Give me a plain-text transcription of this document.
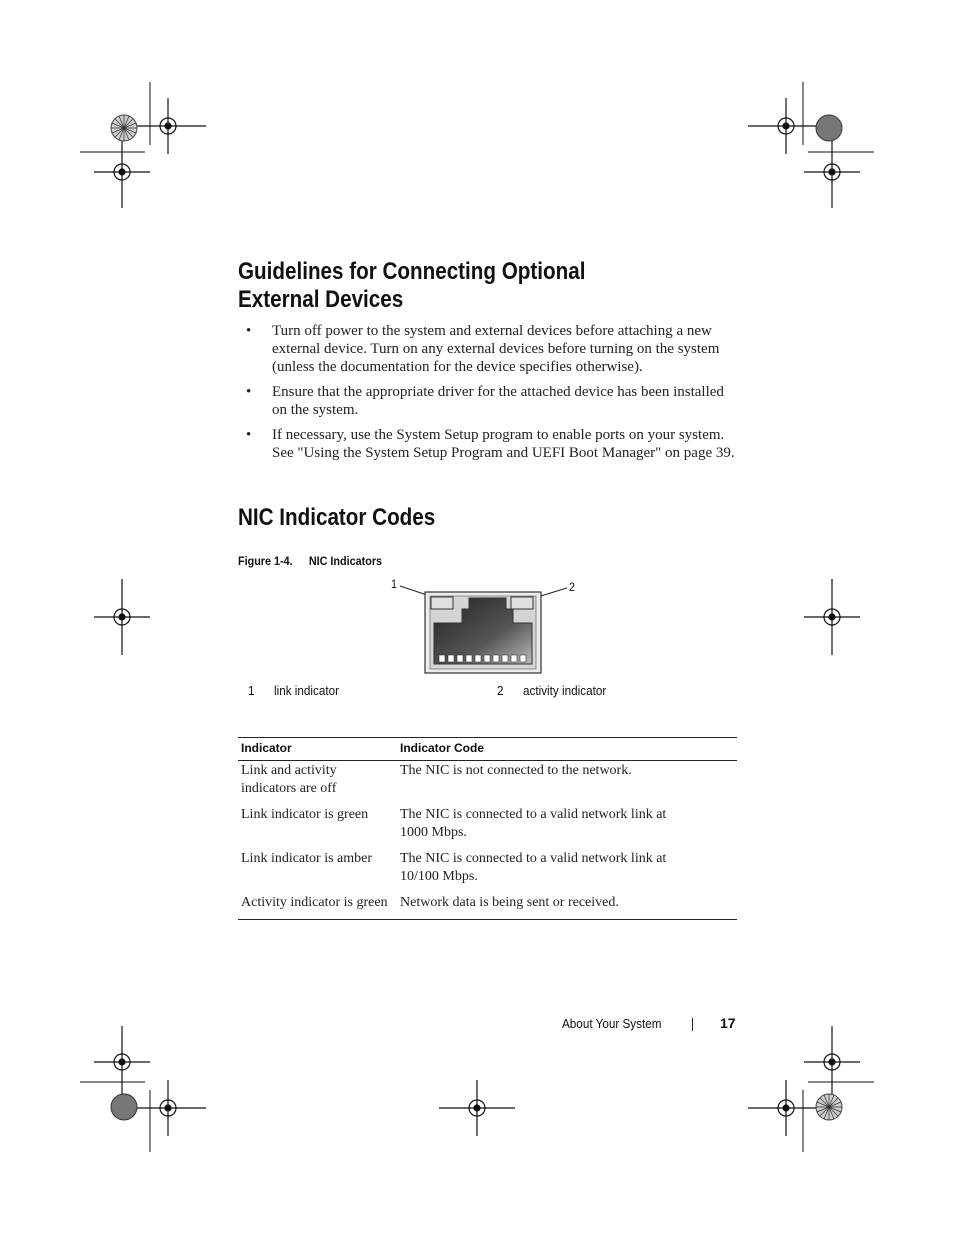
Guidelines for Connecting Optional
External Devices
• Turn off power to the system and external devices before attaching a new external device. Turn on any external devices before turning on the system (unless the documentation for the device specifies otherwise).
• Ensure that the appropriate driver for the attached device has been installed on the system.
• If necessary, use the System Setup program to enable ports on your system. See "Using the System Setup Program and UEFI Boot Manager" on page 39.
NIC Indicator Codes
Figure 1-4. NIC Indicators
1	2
1 link indicator	2 activity indicator
Indicator	Indicator Code

Link and activity indicators are off	The NIC is not connected to the network.

Link indicator is green	The NIC is connected to a valid network link at 1000 Mbps.

Link indicator is amber	The NIC is connected to a valid network link at 10/100 Mbps.

Activity indicator is green	Network data is being sent or received.
About Your System	17
